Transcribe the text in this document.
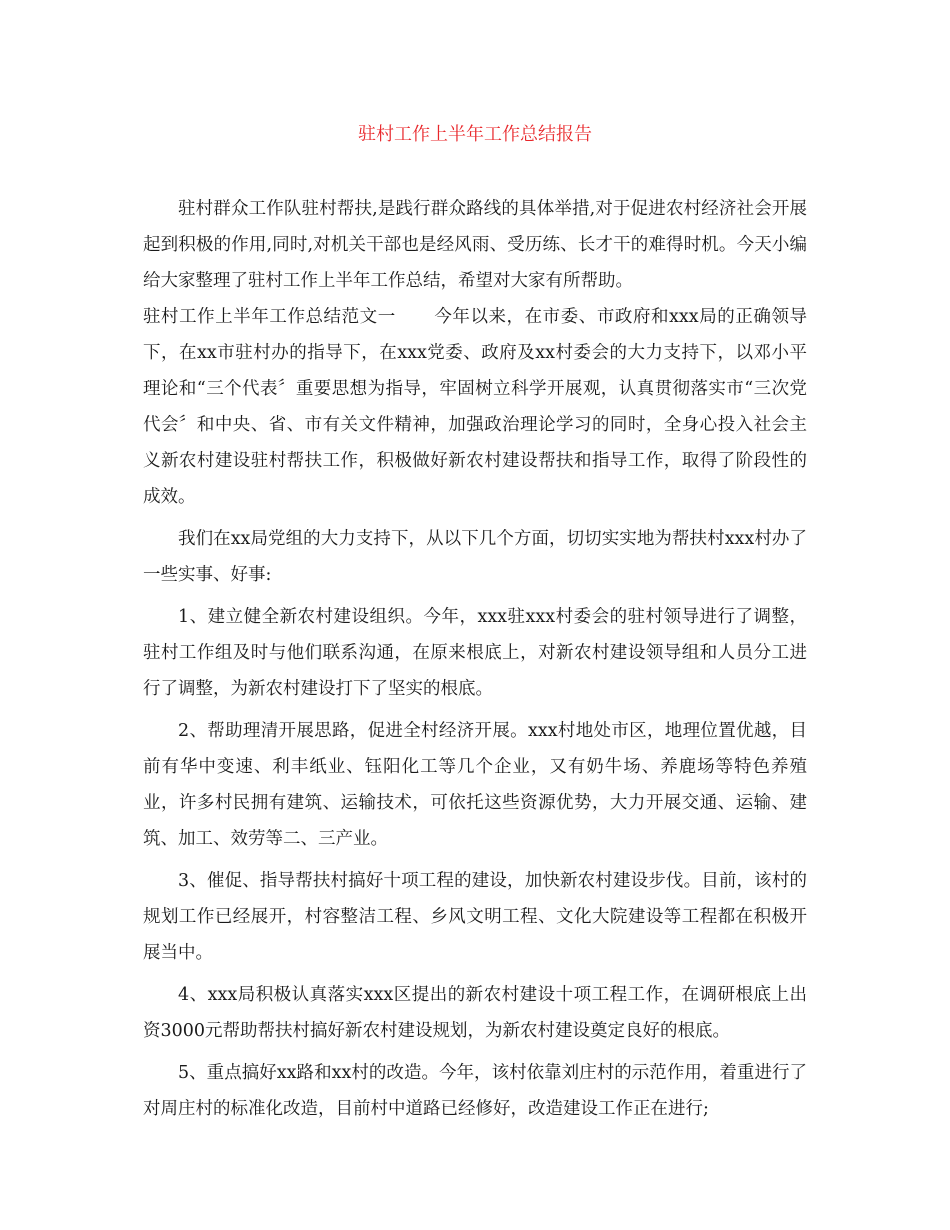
驻村工作上半年工作总结报告

驻村群众工作队驻村帮扶,是践行群众路线的具体举措,对于促进农村经济社会开展起到积极的作用,同时,对机关干部也是经风雨、受历练、长才干的难得时机。今天小编给大家整理了驻村工作上半年工作总结，希望对大家有所帮助。

驻村工作上半年工作总结范文一 今年以来，在市委、市政府和xxx局的正确领导下，在xx市驻村办的指导下，在xxx党委、政府及xx村委会的大力支持下，以邓小平理论和“三个代表〞重要思想为指导，牢固树立科学开展观，认真贯彻落实市“三次党代会〞和中央、省、市有关文件精神，加强政治理论学习的同时，全身心投入社会主义新农村建设驻村帮扶工作，积极做好新农村建设帮扶和指导工作，取得了阶段性的成效。

我们在xx局党组的大力支持下，从以下几个方面，切切实实地为帮扶村xxx村办了一些实事、好事:

1、建立健全新农村建设组织。今年，xxx驻xxx村委会的驻村领导进行了调整，驻村工作组及时与他们联系沟通，在原来根底上，对新农村建设领导组和人员分工进行了调整，为新农村建设打下了坚实的根底。

2、帮助理清开展思路，促进全村经济开展。xxx村地处市区，地理位置优越，目前有华中变速、利丰纸业、钰阳化工等几个企业，又有奶牛场、养鹿场等特色养殖业，许多村民拥有建筑、运输技术，可依托这些资源优势，大力开展交通、运输、建筑、加工、效劳等二、三产业。

3、催促、指导帮扶村搞好十项工程的建设，加快新农村建设步伐。目前，该村的规划工作已经展开，村容整洁工程、乡风文明工程、文化大院建设等工程都在积极开展当中。

4、xxx局积极认真落实xxx区提出的新农村建设十项工程工作，在调研根底上出资3000元帮助帮扶村搞好新农村建设规划，为新农村建设奠定良好的根底。

5、重点搞好xx路和xx村的改造。今年，该村依靠刘庄村的示范作用，着重进行了对周庄村的标准化改造，目前村中道路已经修好，改造建设工作正在进行;
